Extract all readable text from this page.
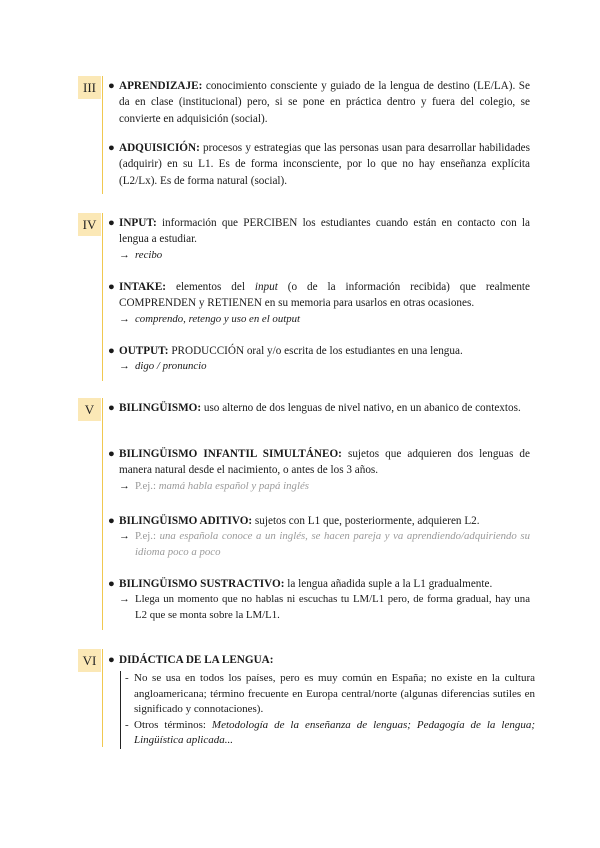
III	● APRENDIZAJE: conocimiento consciente y guiado de la lengua de destino (LE/LA). Se da en clase (institucional) pero, si se pone en práctica dentro y fuera del colegio, se convierte en adquisición (social).
● ADQUISICIÓN: procesos y estrategias que las personas usan para desarrollar habilidades (adquirir) en su L1. Es de forma inconsciente, por lo que no hay enseñanza explícita (L2/Lx). Es de forma natural (social).
IV	● INPUT: información que PERCIBEN los estudiantes cuando están en contacto con la lengua a estudiar.
→ recibo
● INTAKE: elementos del input (o de la información recibida) que realmente COMPRENDEN y RETIENEN en su memoria para usarlos en otras ocasiones.
→ comprendo, retengo y uso en el output
● OUTPUT: PRODUCCIÓN oral y/o escrita de los estudiantes en una lengua.
→ digo / pronuncio
V	● BILINGÜISMO: uso alterno de dos lenguas de nivel nativo, en un abanico de contextos.
● BILINGÜISMO INFANTIL SIMULTÁNEO: sujetos que adquieren dos lenguas de manera natural desde el nacimiento, o antes de los 3 años.
→ P.ej.: mamá habla español y papá inglés
● BILINGÜISMO ADITIVO: sujetos con L1 que, posteriormente, adquieren L2.
→ P.ej.: una española conoce a un inglés, se hacen pareja y va aprendiendo/adquiriendo su idioma poco a poco
● BILINGÜISMO SUSTRACTIVO: la lengua añadida suple a la L1 gradualmente.
→ Llega un momento que no hablas ni escuchas tu LM/L1 pero, de forma gradual, hay una L2 que se monta sobre la LM/L1.
VI	● DIDÁCTICA DE LA LENGUA:
- No se usa en todos los países, pero es muy común en España; no existe en la cultura angloamericana; término frecuente en Europa central/norte (algunas diferencias sutiles en significado y connotaciones).
- Otros términos: Metodología de la enseñanza de lenguas; Pedagogía de la lengua; Lingüística aplicada...
